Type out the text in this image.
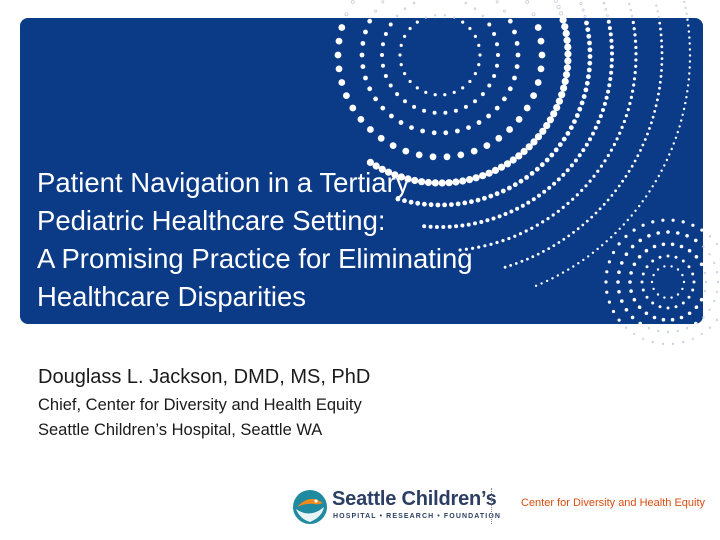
Patient Navigation in a Tertiary
Pediatric Healthcare Setting:
A Promising Practice for Eliminating
Healthcare Disparities
Douglass L. Jackson, DMD, MS, PhD
Chief, Center for Diversity and Health Equity
Seattle Children’s Hospital, Seattle WA
Seattle Children’s
HOSPITAL • RESEARCH • FOUNDATION
Center for Diversity and Health Equity
